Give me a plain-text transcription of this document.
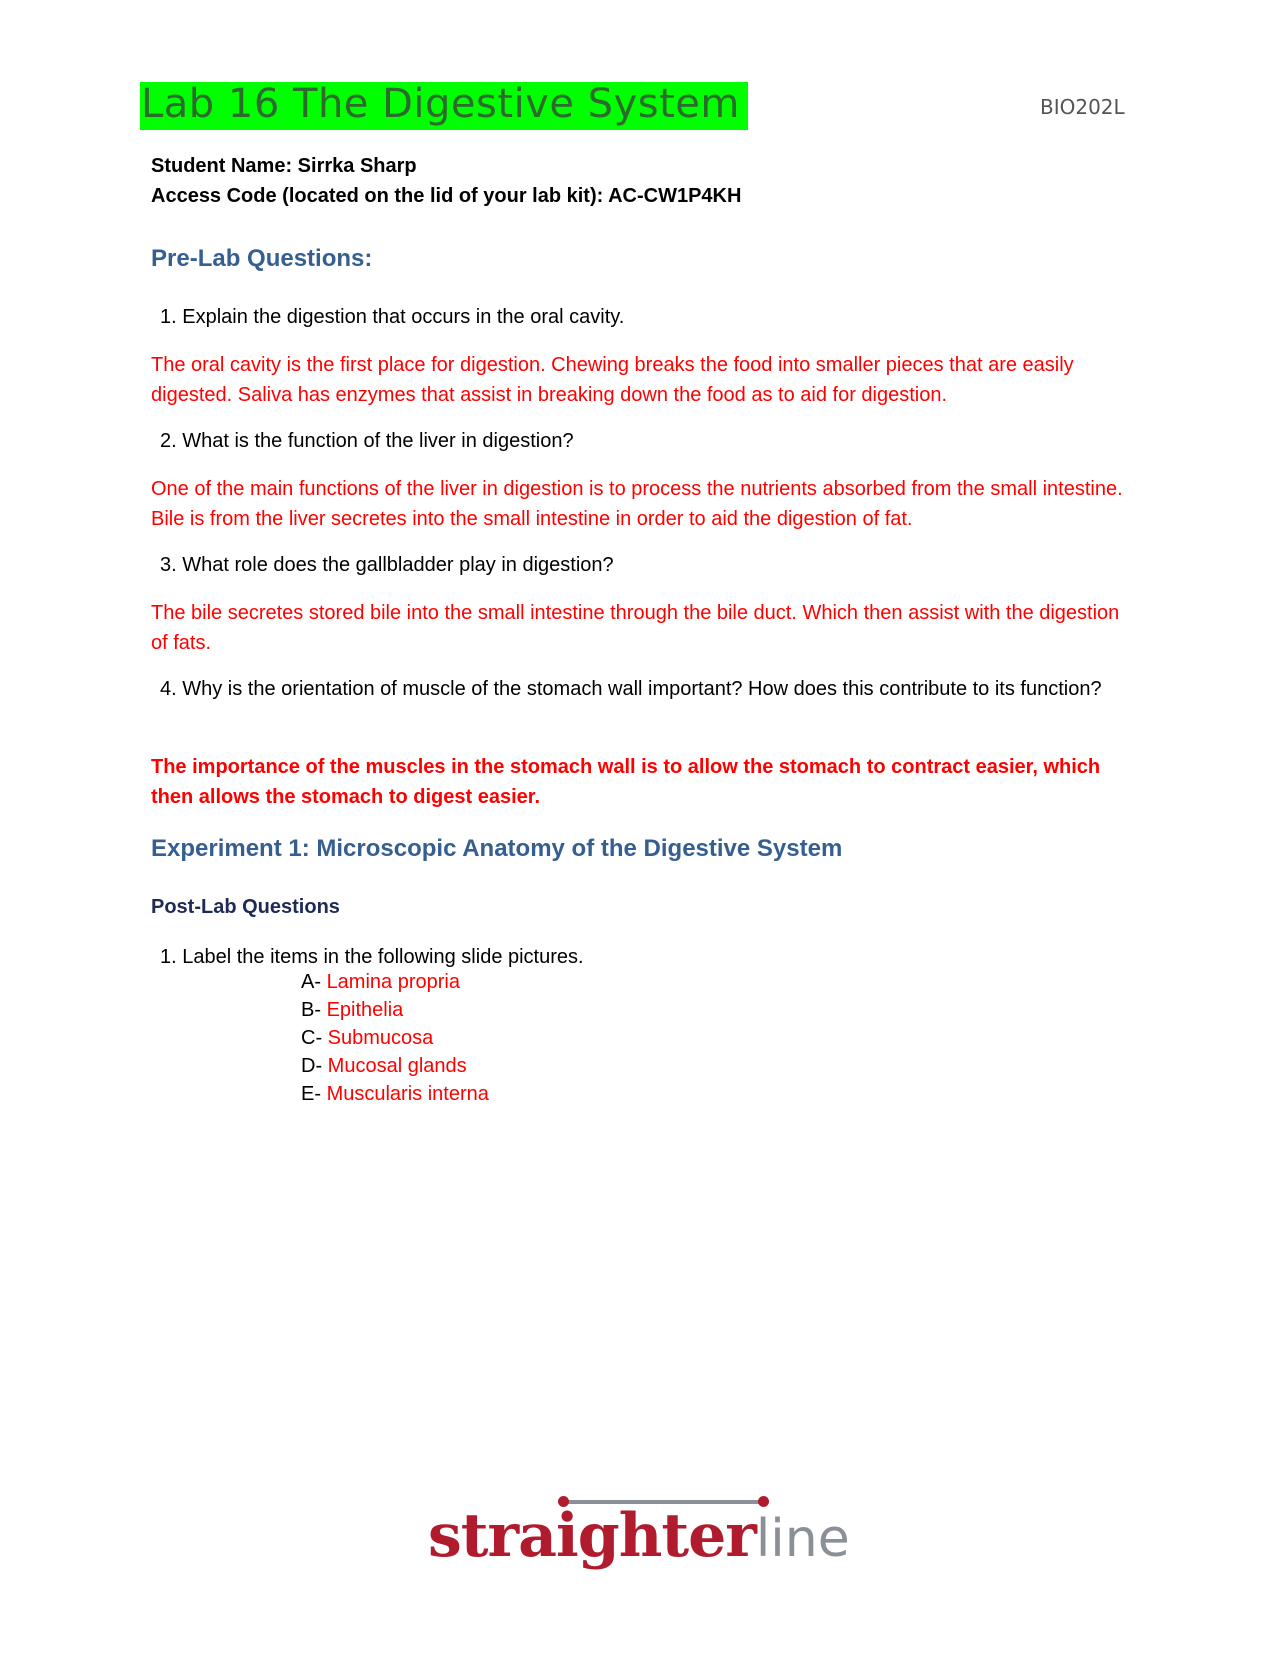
Lab 16 The Digestive System	BIO202L
Student Name: Sirrka Sharp
Access Code (located on the lid of your lab kit): AC-CW1P4KH
Pre-Lab Questions:
1. Explain the digestion that occurs in the oral cavity.
The oral cavity is the first place for digestion. Chewing breaks the food into smaller pieces that are easily digested. Saliva has enzymes that assist in breaking down the food as to aid for digestion.
2. What is the function of the liver in digestion?
One of the main functions of the liver in digestion is to process the nutrients absorbed from the small intestine. Bile is from the liver secretes into the small intestine in order to aid the digestion of fat.
3. What role does the gallbladder play in digestion?
The bile secretes stored bile into the small intestine through the bile duct. Which then assist with the digestion of fats.
4. Why is the orientation of muscle of the stomach wall important? How does this contribute to its function?
The importance of the muscles in the stomach wall is to allow the stomach to contract easier, which then allows the stomach to digest easier.
Experiment 1: Microscopic Anatomy of the Digestive System
Post-Lab Questions
1. Label the items in the following slide pictures.
A- Lamina propria
B- Epithelia
C- Submucosa
D- Mucosal glands
E- Muscularis interna
straighterline
